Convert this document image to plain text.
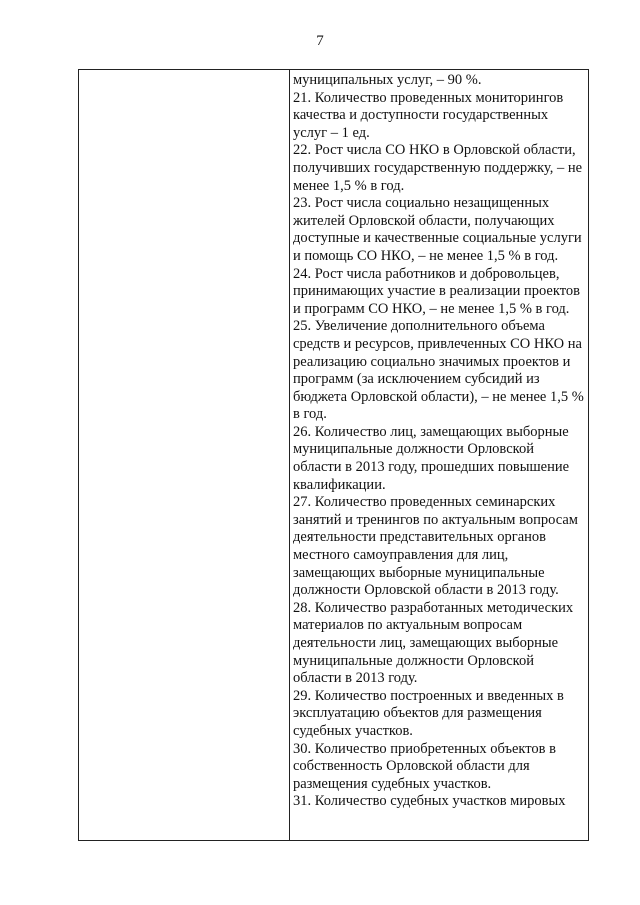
7

муниципальных услуг, – 90 %.

21. Количество проведенных мониторингов качества и доступности государственных услуг – 1 ед.

22. Рост числа СО НКО в Орловской области, получивших государственную поддержку, – не менее 1,5 % в год.

23. Рост числа социально незащищенных жителей Орловской области, получающих доступные и качественные социальные услуги и помощь СО НКО, – не менее 1,5 % в год.

24. Рост числа работников и добровольцев, принимающих участие в реализации проектов и программ СО НКО, – не менее 1,5 % в год.

25. Увеличение дополнительного объема средств и ресурсов, привлеченных СО НКО на реализацию социально значимых проектов и программ (за исключением субсидий из бюджета Орловской области), – не менее 1,5 % в год.

26. Количество лиц, замещающих выборные муниципальные должности Орловской области в 2013 году, прошедших повышение квалификации.

27. Количество проведенных семинарских занятий и тренингов по актуальным вопросам деятельности представительных органов местного самоуправления для лиц, замещающих выборные муниципальные должности Орловской области в 2013 году.

28. Количество разработанных методических материалов по актуальным вопросам деятельности лиц, замещающих выборные муниципальные должности Орловской области в 2013 году.

29. Количество построенных и введенных в эксплуатацию объектов для размещения судебных участков.

30. Количество приобретенных объектов в собственность Орловской области для размещения судебных участков.

31. Количество судебных участков мировых
